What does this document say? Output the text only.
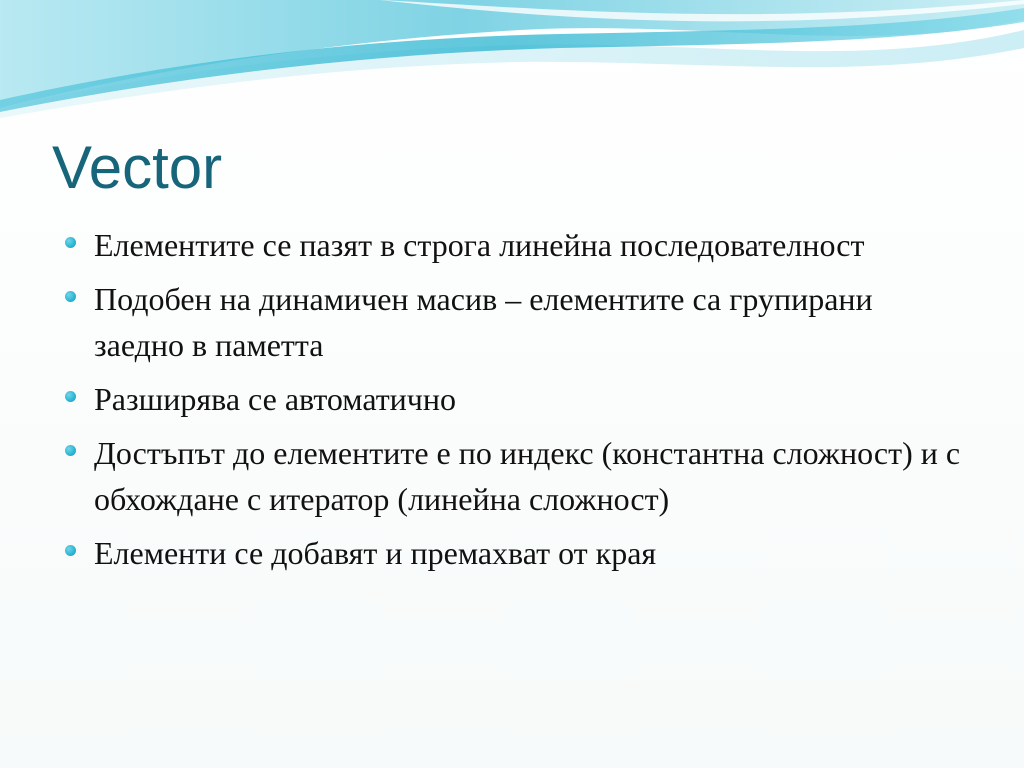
Vector
Елементите се пазят в строга линейна последователност
Подобен на динамичен масив – елементите са групирани заедно в паметта
Разширява се автоматично
Достъпът до елементите е по индекс (константна сложност) и с обхождане с итератор (линейна сложност)
Елементи се добавят и премахват от края
